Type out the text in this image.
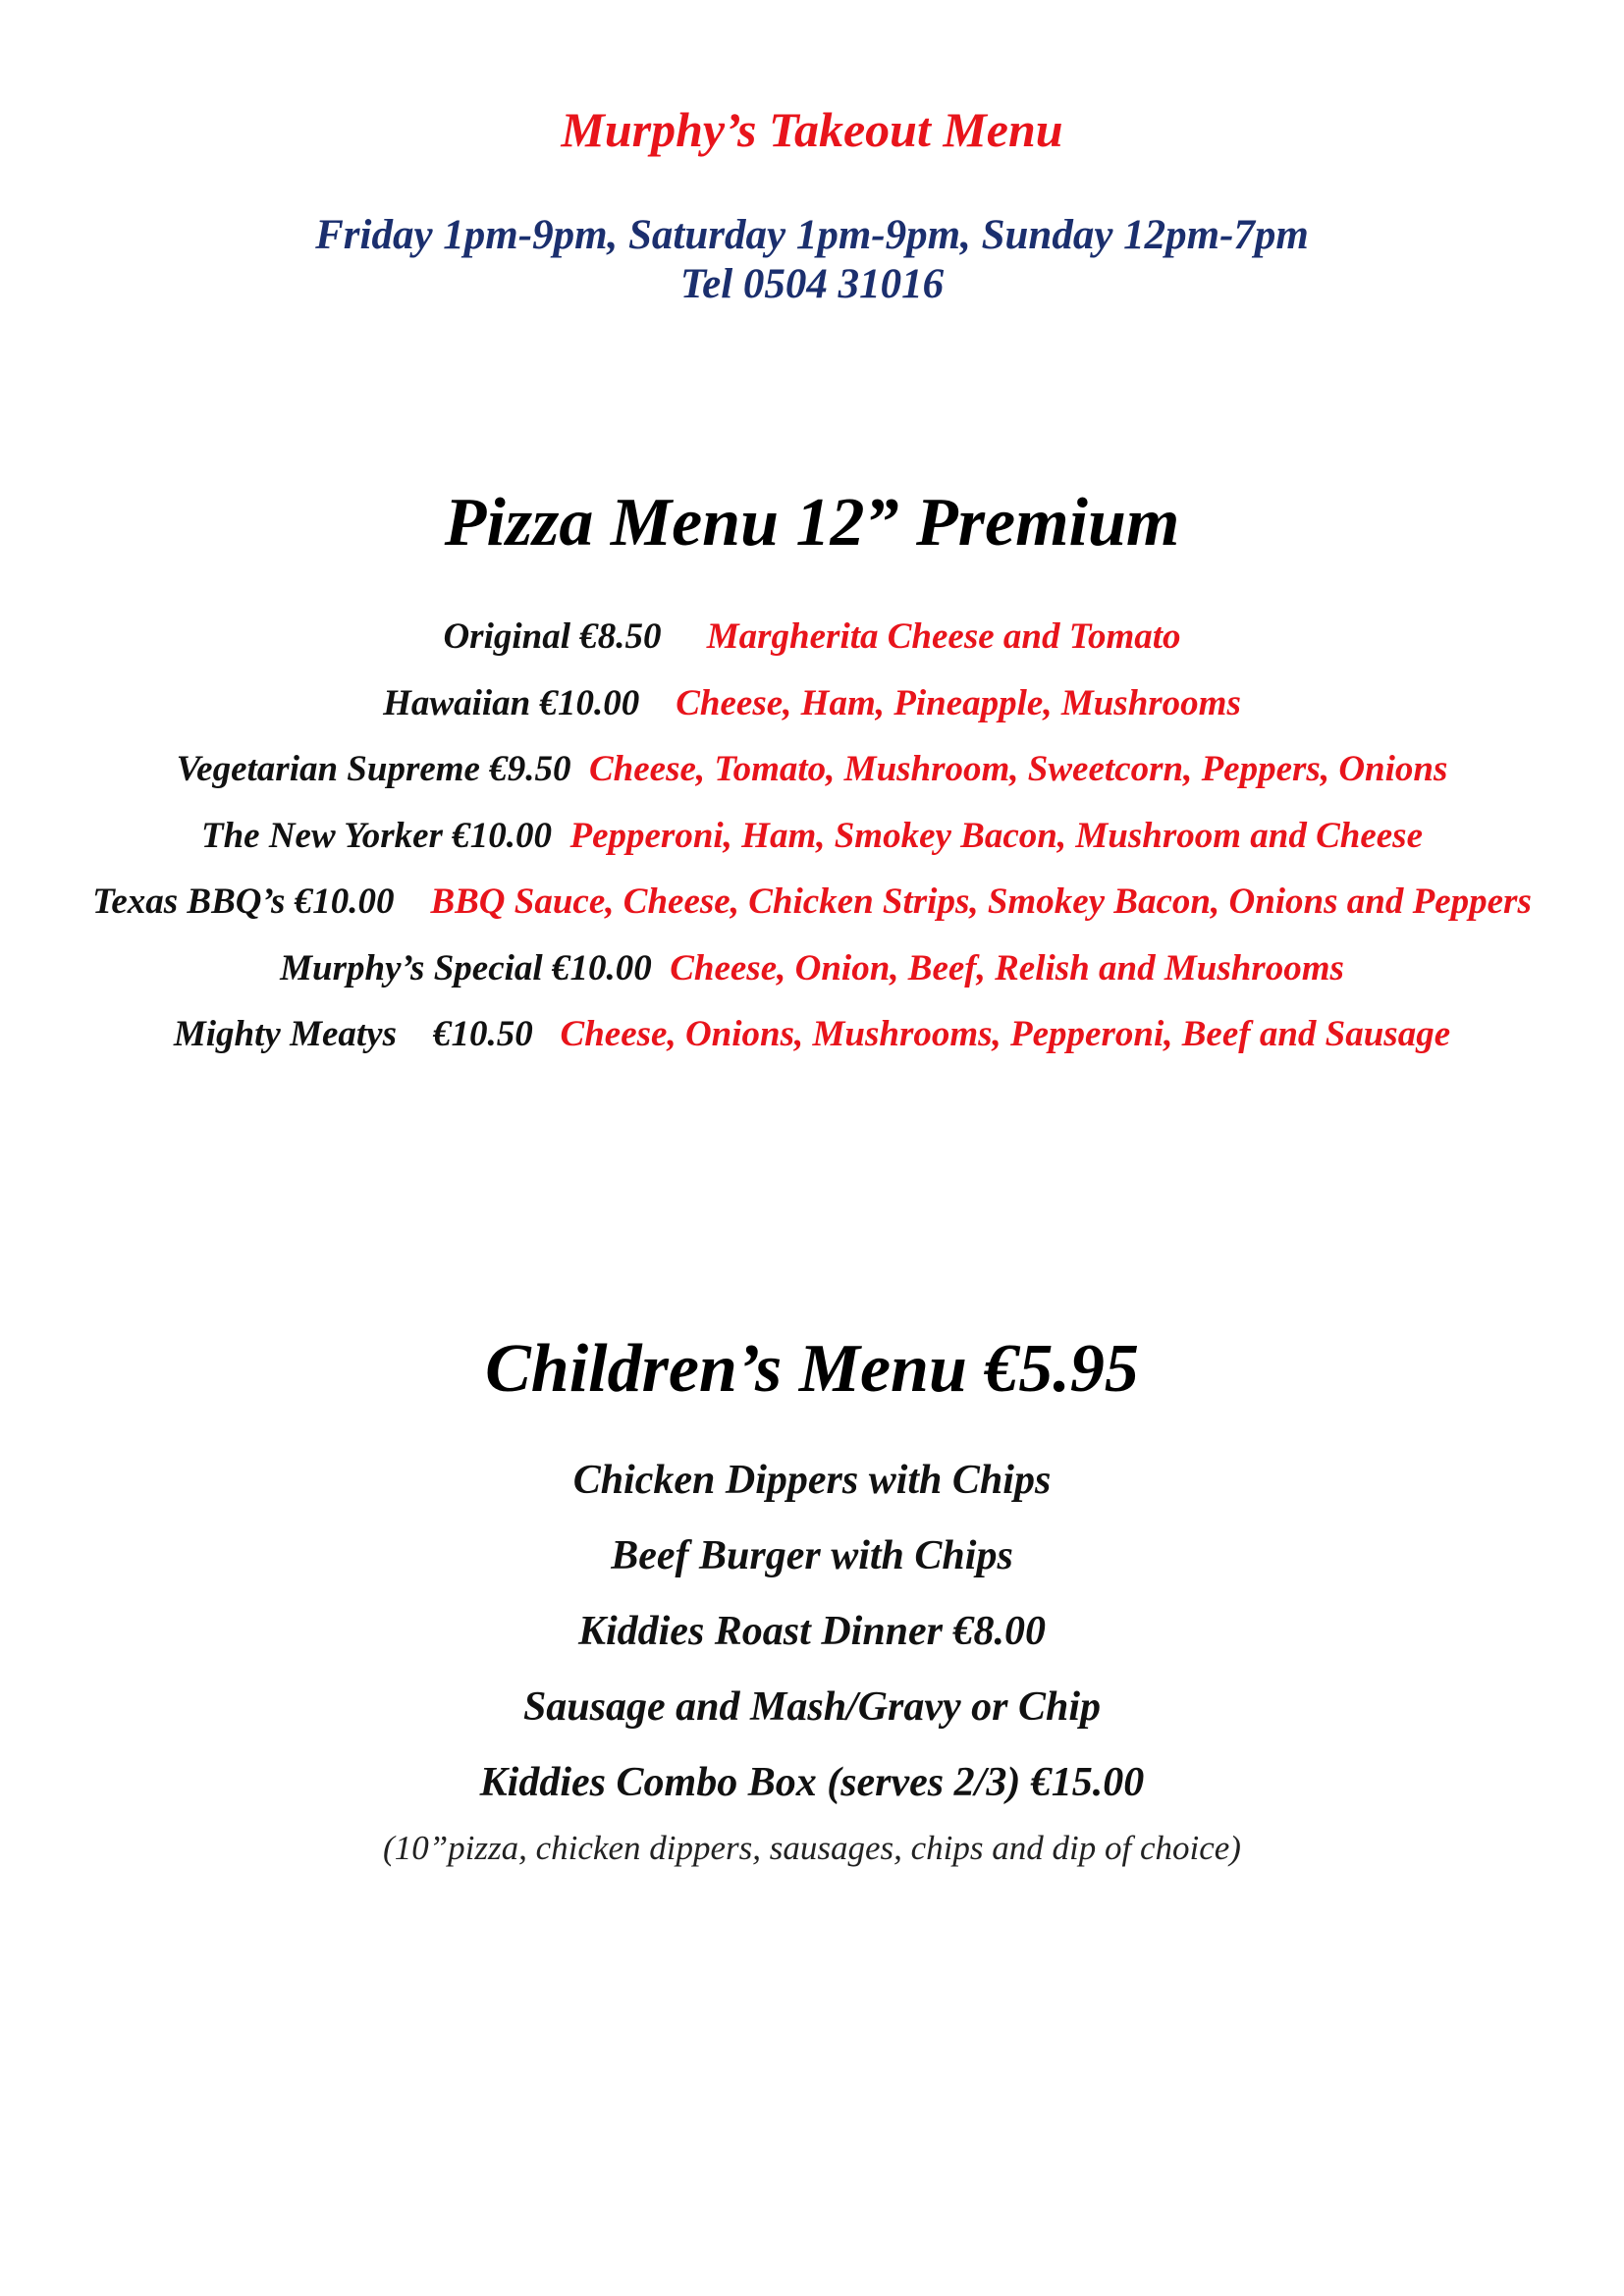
Murphy’s Takeout Menu
Friday 1pm-9pm, Saturday 1pm-9pm, Sunday 12pm-7pm
Tel 0504 31016
Pizza Menu 12” Premium
Original €8.50 Margherita Cheese and Tomato
Hawaiian €10.00 Cheese, Ham, Pineapple, Mushrooms
Vegetarian Supreme €9.50 Cheese, Tomato, Mushroom, Sweetcorn, Peppers, Onions
The New Yorker €10.00 Pepperoni, Ham, Smokey Bacon, Mushroom and Cheese
Texas BBQ’s €10.00 BBQ Sauce, Cheese, Chicken Strips, Smokey Bacon, Onions and Peppers
Murphy’s Special €10.00 Cheese, Onion, Beef, Relish and Mushrooms
Mighty Meatys €10.50 Cheese, Onions, Mushrooms, Pepperoni, Beef and Sausage
Children’s Menu €5.95
Chicken Dippers with Chips
Beef Burger with Chips
Kiddies Roast Dinner €8.00
Sausage and Mash/Gravy or Chip
Kiddies Combo Box (serves 2/3) €15.00
(10”pizza, chicken dippers, sausages, chips and dip of choice)
